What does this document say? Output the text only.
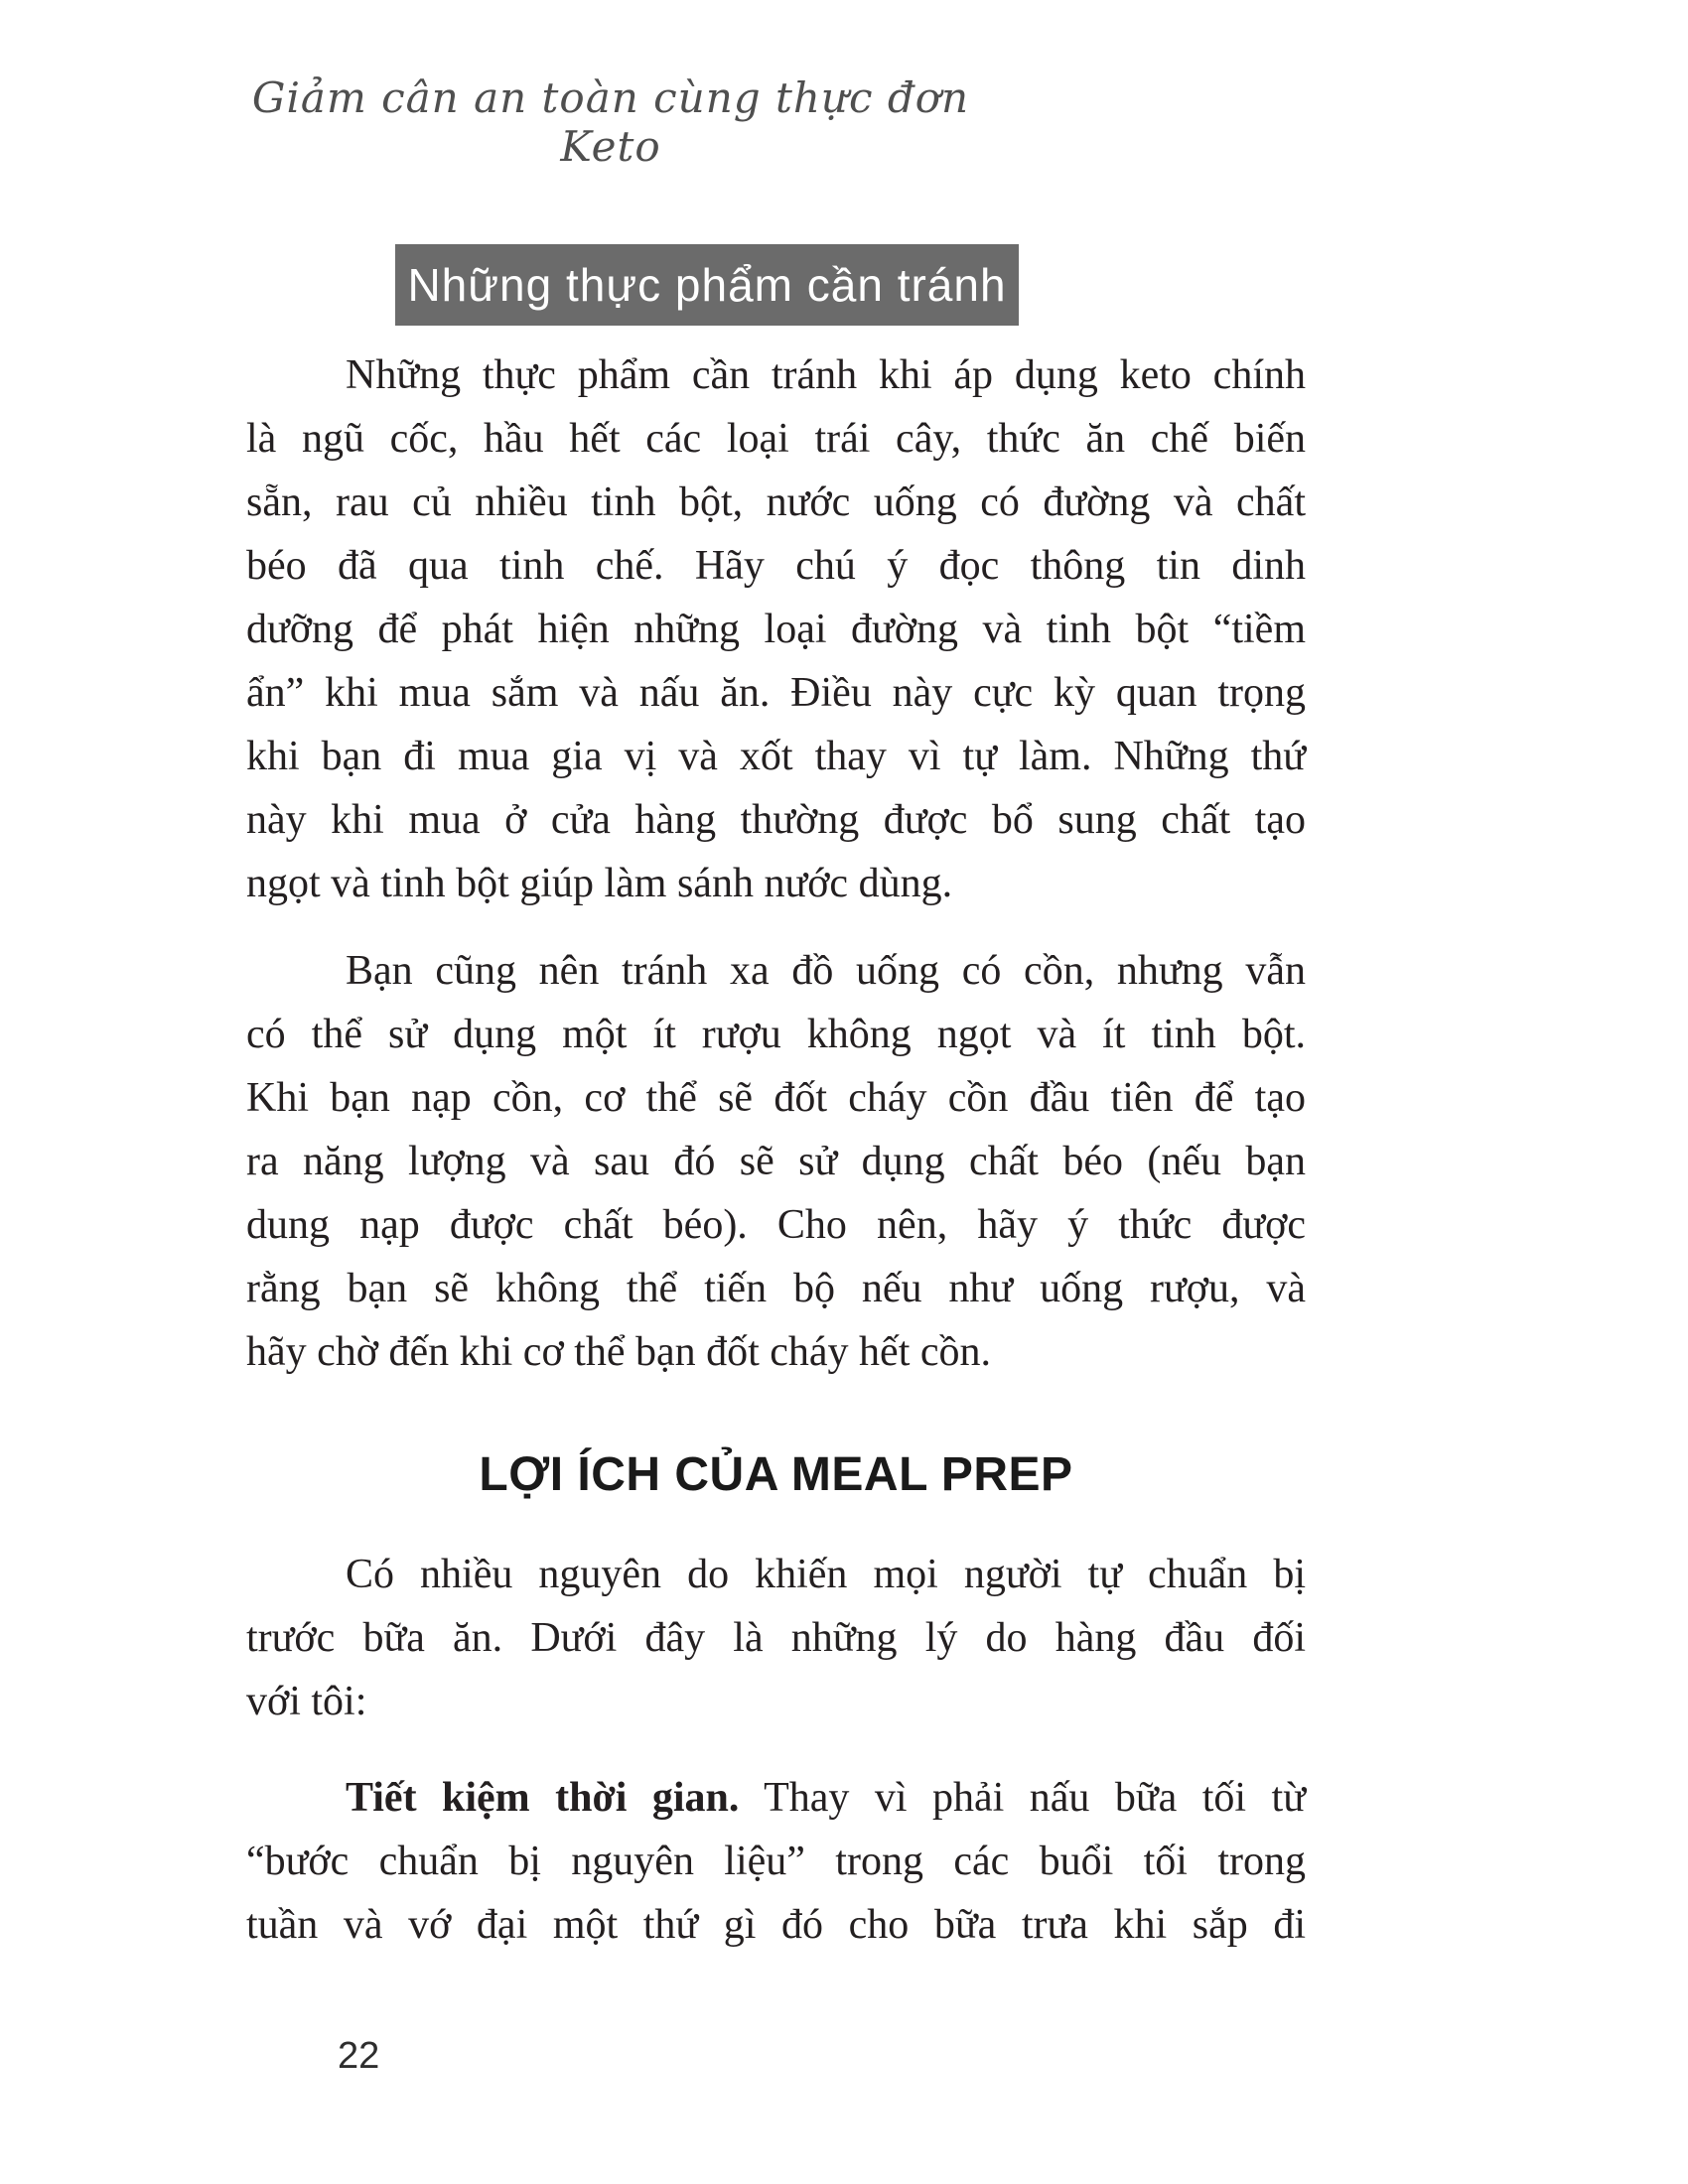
Giảm cân an toàn cùng thực đơn Keto
Những thực phẩm cần tránh
Những thực phẩm cần tránh khi áp dụng keto chính
là ngũ cốc, hầu hết các loại trái cây, thức ăn chế biến
sẵn, rau củ nhiều tinh bột, nước uống có đường và chất
béo đã qua tinh chế. Hãy chú ý đọc thông tin dinh
dưỡng để phát hiện những loại đường và tinh bột “tiềm
ẩn” khi mua sắm và nấu ăn. Điều này cực kỳ quan trọng
khi bạn đi mua gia vị và xốt thay vì tự làm. Những thứ
này khi mua ở cửa hàng thường được bổ sung chất tạo
ngọt và tinh bột giúp làm sánh nước dùng.
Bạn cũng nên tránh xa đồ uống có cồn, nhưng vẫn
có thể sử dụng một ít rượu không ngọt và ít tinh bột.
Khi bạn nạp cồn, cơ thể sẽ đốt cháy cồn đầu tiên để tạo
ra năng lượng và sau đó sẽ sử dụng chất béo (nếu bạn
dung nạp được chất béo). Cho nên, hãy ý thức được
rằng bạn sẽ không thể tiến bộ nếu như uống rượu, và
hãy chờ đến khi cơ thể bạn đốt cháy hết cồn.
LỢI ÍCH CỦA MEAL PREP
Có nhiều nguyên do khiến mọi người tự chuẩn bị
trước bữa ăn. Dưới đây là những lý do hàng đầu đối
với tôi:
Tiết kiệm thời gian. Thay vì phải nấu bữa tối từ
“bước chuẩn bị nguyên liệu” trong các buổi tối trong
tuần và vớ đại một thứ gì đó cho bữa trưa khi sắp đi
22
